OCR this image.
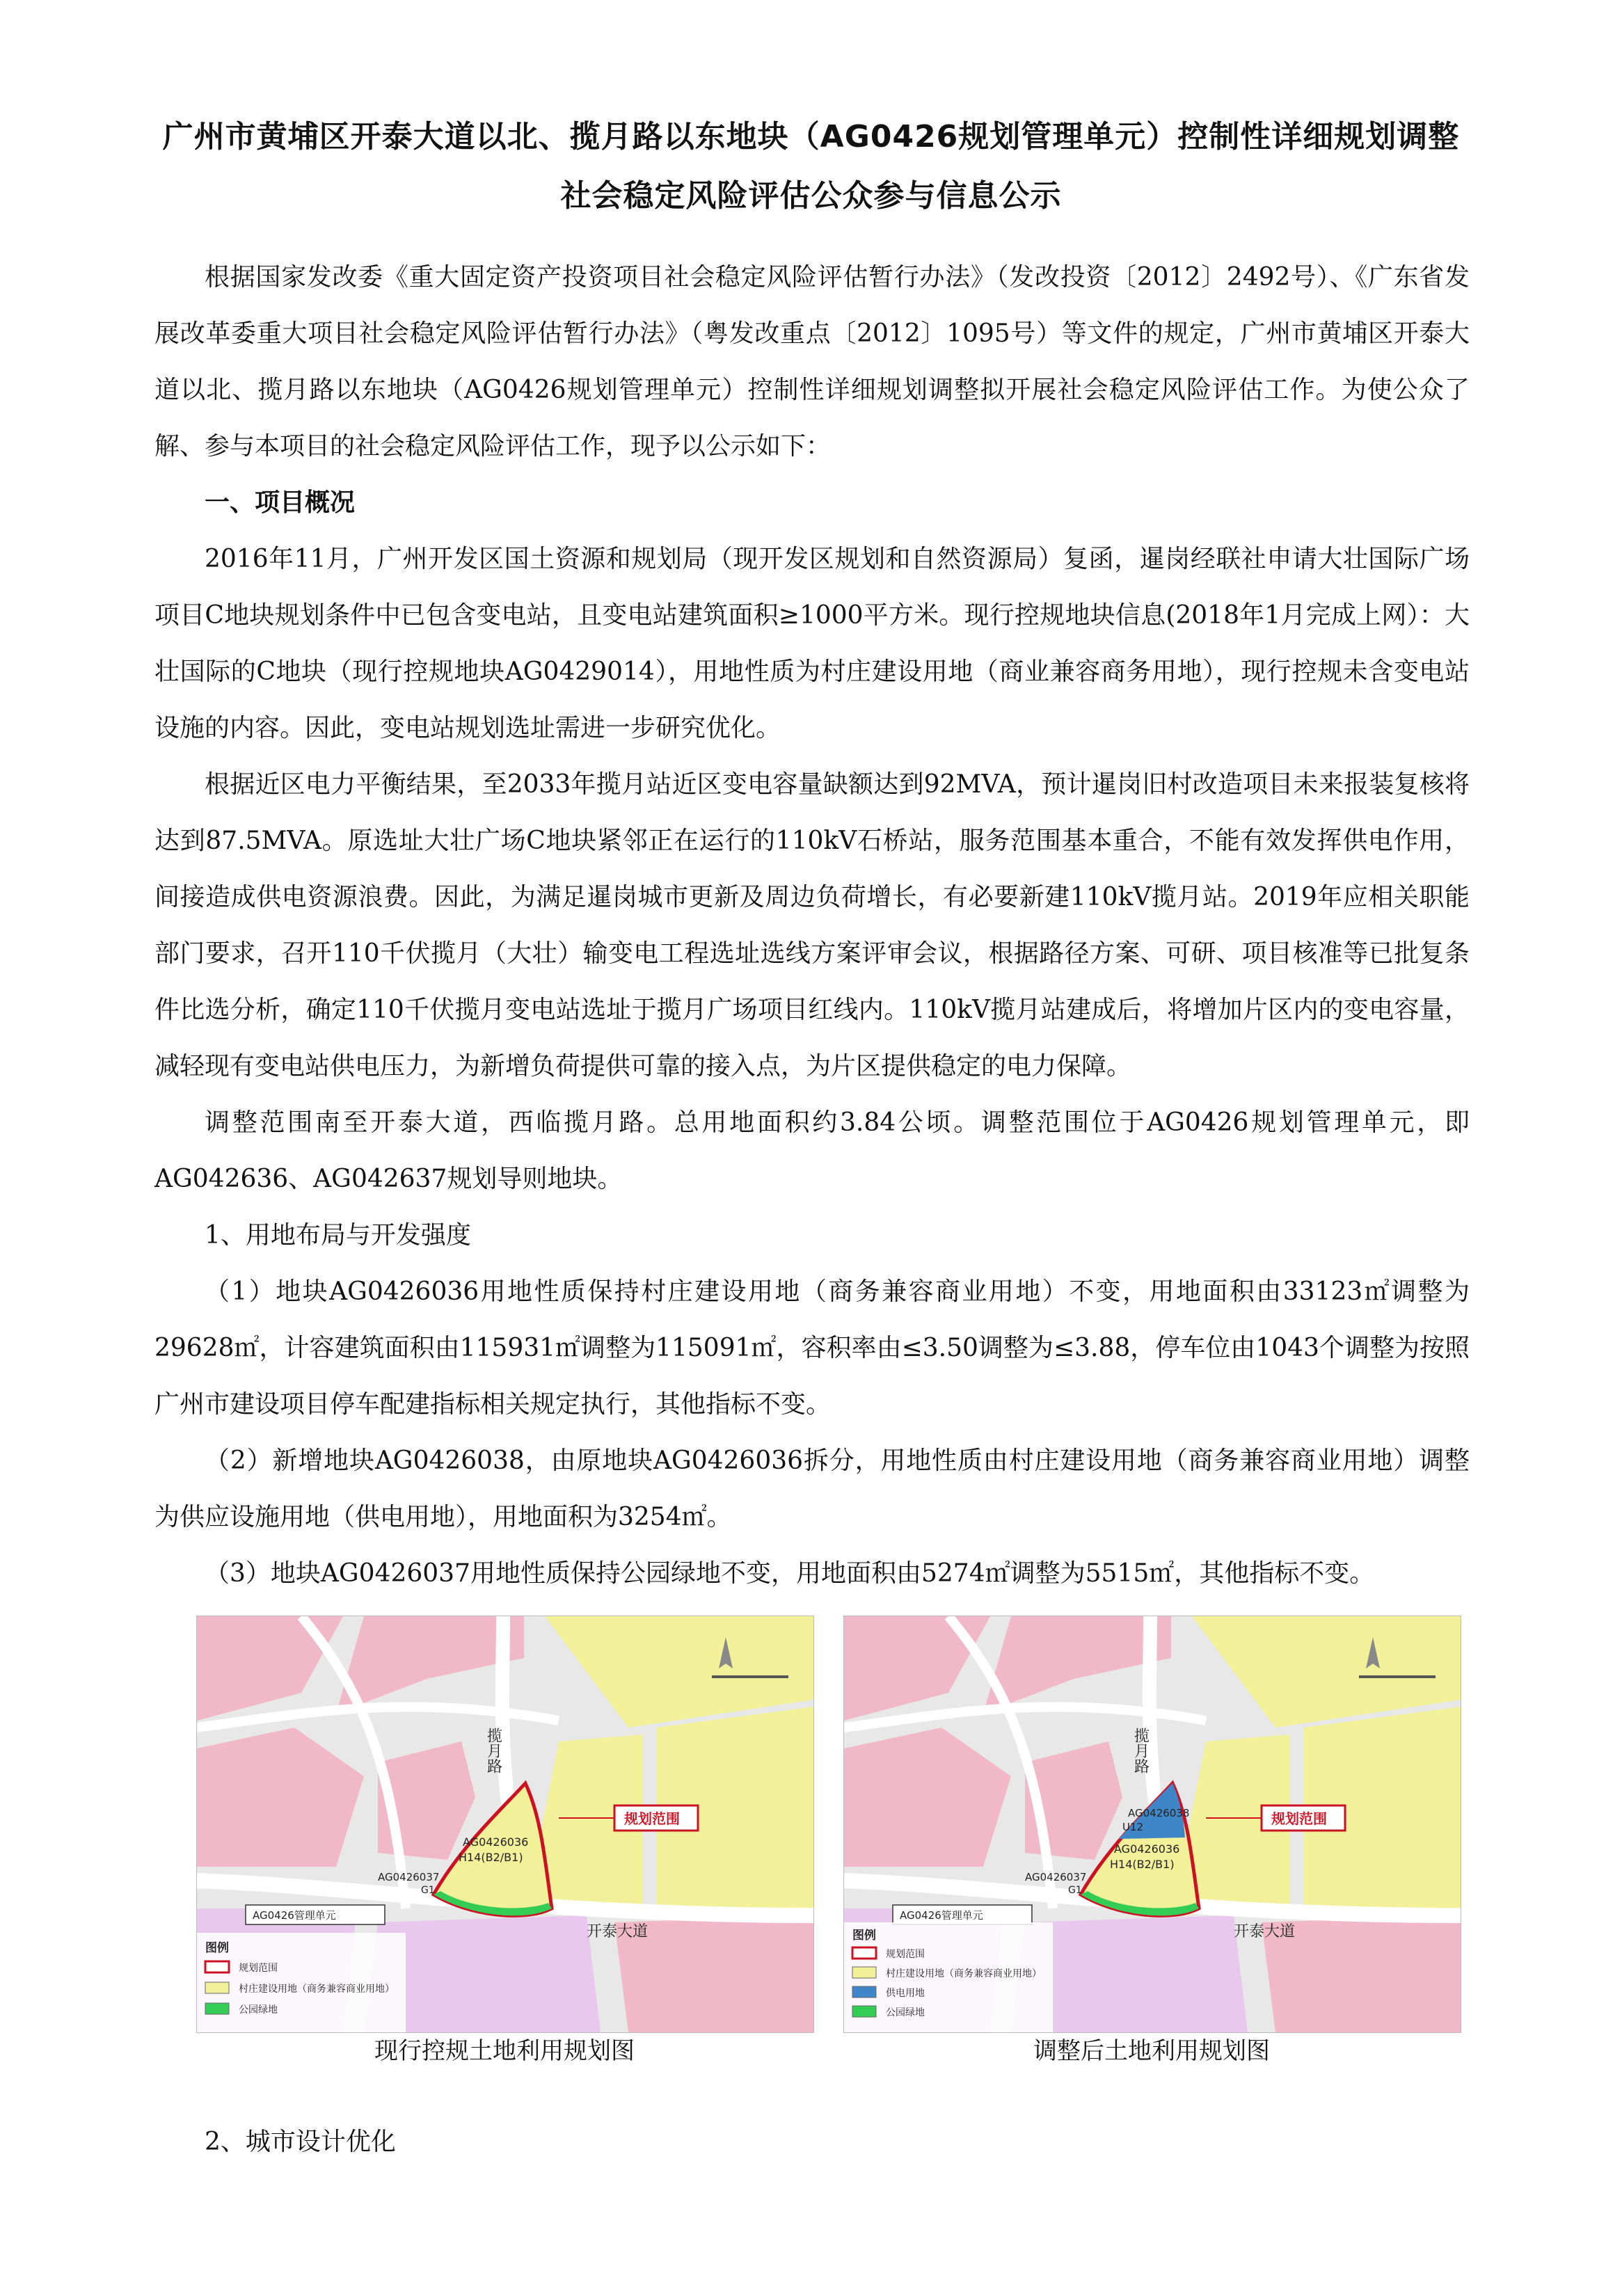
广州市黄埔区开泰大道以北、揽月路以东地块（AG0426规划管理单元）控制性详细规划调整
社会稳定风险评估公众参与信息公示

根据国家发改委《重大固定资产投资项目社会稳定风险评估暂行办法》（发改投资〔2012〕2492号）、《广东省发展改革委重大项目社会稳定风险评估暂行办法》（粤发改重点〔2012〕1095号）等文件的规定，广州市黄埔区开泰大道以北、揽月路以东地块（AG0426规划管理单元）控制性详细规划调整拟开展社会稳定风险评估工作。为使公众了解、参与本项目的社会稳定风险评估工作，现予以公示如下：

一、项目概况

2016年11月，广州开发区国土资源和规划局（现开发区规划和自然资源局）复函，暹岗经联社申请大壮国际广场项目C地块规划条件中已包含变电站，且变电站建筑面积≥1000平方米。现行控规地块信息(2018年1月完成上网）：大壮国际的C地块（现行控规地块AG0429014），用地性质为村庄建设用地（商业兼容商务用地），现行控规未含变电站设施的内容。因此，变电站规划选址需进一步研究优化。

根据近区电力平衡结果，至2033年揽月站近区变电容量缺额达到92MVA，预计暹岗旧村改造项目未来报装复核将达到87.5MVA。原选址大壮广场C地块紧邻正在运行的110kV石桥站，服务范围基本重合，不能有效发挥供电作用，间接造成供电资源浪费。因此，为满足暹岗城市更新及周边负荷增长，有必要新建110kV揽月站。2019年应相关职能部门要求，召开110千伏揽月（大壮）输变电工程选址选线方案评审会议，根据路径方案、可研、项目核准等已批复条件比选分析，确定110千伏揽月变电站选址于揽月广场项目红线内。110kV揽月站建成后，将增加片区内的变电容量，减轻现有变电站供电压力，为新增负荷提供可靠的接入点，为片区提供稳定的电力保障。

调整范围南至开泰大道，西临揽月路。总用地面积约3.84公顷。调整范围位于AG0426规划管理单元，即AG042636、AG042637规划导则地块。

1、用地布局与开发强度

（1）地块AG0426036用地性质保持村庄建设用地（商务兼容商业用地）不变，用地面积由33123㎡调整为29628㎡，计容建筑面积由115931㎡调整为115091㎡，容积率由≤3.50调整为≤3.88，停车位由1043个调整为按照广州市建设项目停车配建指标相关规定执行，其他指标不变。

（2）新增地块AG0426038，由原地块AG0426036拆分，用地性质由村庄建设用地（商务兼容商业用地）调整为供应设施用地（供电用地），用地面积为3254㎡。

（3）地块AG0426037用地性质保持公园绿地不变，用地面积由5274㎡调整为5515㎡，其他指标不变。

AG0426036
H14(B2/B1)
AG0426037
G1
揽月路
开泰大道
规划范围
AG0426管理单元
图例
规划范围
村庄建设用地（商务兼容商业用地）
公园绿地
AG0426038
U12
AG0426036
H14(B2/B1)
AG0426037
G1
揽月路
开泰大道
规划范围
AG0426管理单元
图例
规划范围
村庄建设用地（商务兼容商业用地）
供电用地
公园绿地
现行控规土地利用规划图	调整后土地利用规划图
2、城市设计优化
